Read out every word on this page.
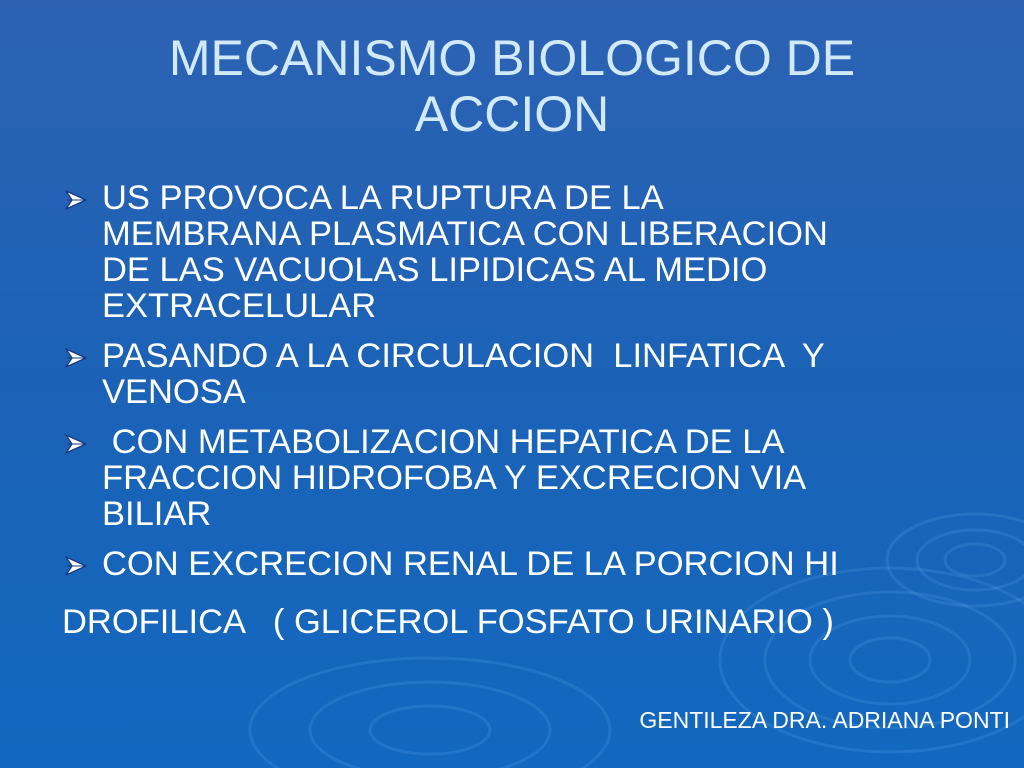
MECANISMO BIOLOGICO DE
ACCION
US PROVOCA LA RUPTURA DE LA
MEMBRANA PLASMATICA CON LIBERACION
DE LAS VACUOLAS LIPIDICAS AL MEDIO
EXTRACELULAR
PASANDO A LA CIRCULACION  LINFATICA  Y
VENOSA
CON METABOLIZACION HEPATICA DE LA
FRACCION HIDROFOBA Y EXCRECION VIA
BILIAR
CON EXCRECION RENAL DE LA PORCION HI

DROFILICA   ( GLICEROL FOSFATO URINARIO )

GENTILEZA DRA. ADRIANA PONTI
